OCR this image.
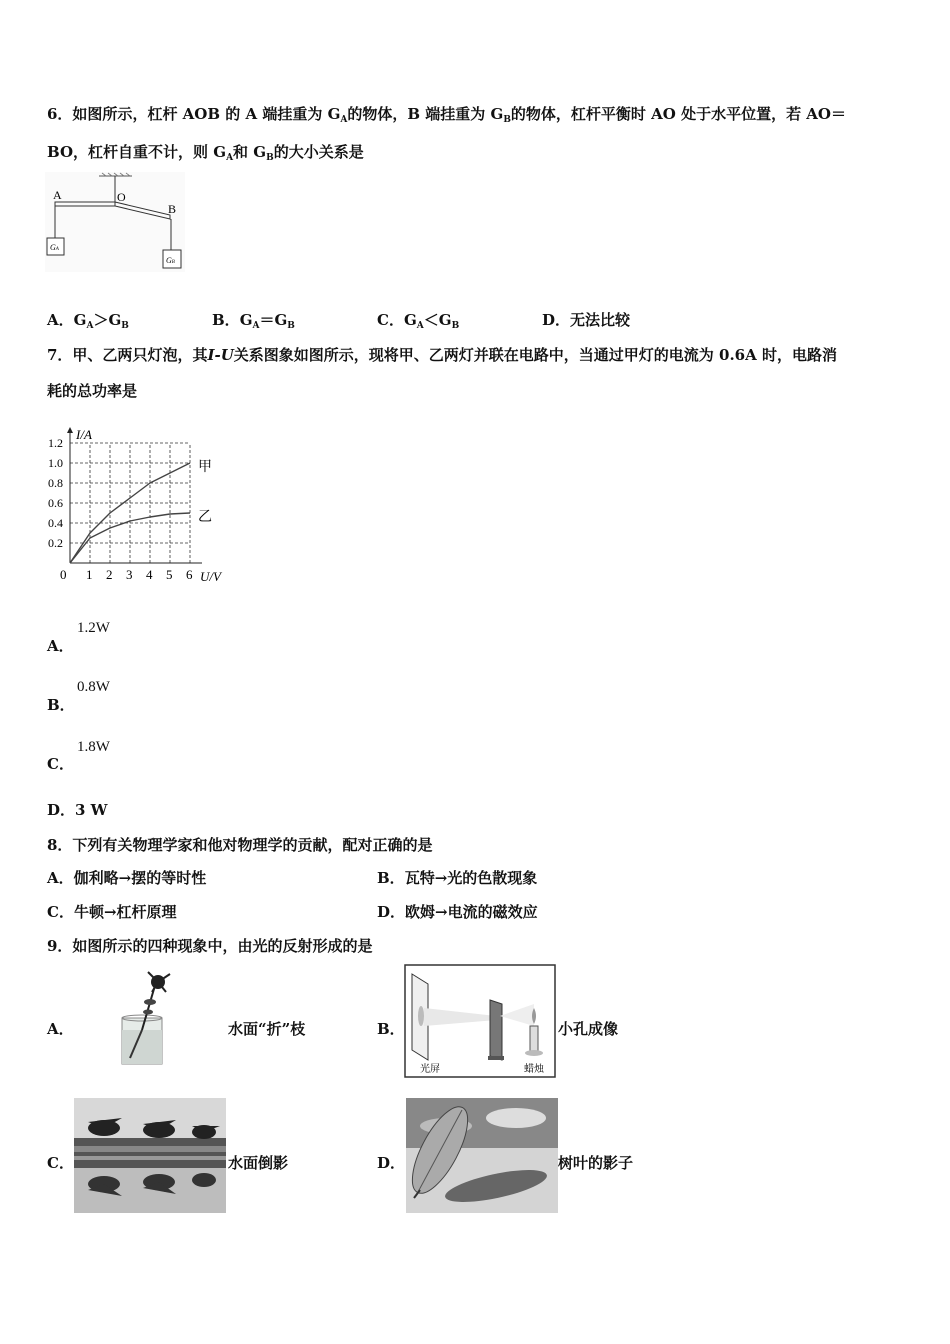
6．如图所示，杠杆 AOB 的 A 端挂重为 $G_A$的物体，B 端挂重为 $G_B$的物体，杠杆平衡时 AO 处于水平位置，若 AO＝
BO，杠杆自重不计，则 $G_A$和 $G_B$的大小关系是
A	O
B
GA
GB
A．$G_A>G_B$	B．$G_A=G_B$	C．$G_A<G_B$	D．无法比较
7．甲、乙两只灯泡，其I-U关系图象如图所示，现将甲、乙两灯并联在电路中，当通过甲灯的电流为 0.6A 时，电路消
耗的总功率是
0 1 2 3 4 5 6
0.2
0.4
0.6
0.8
1.0
1.2
I/A
U/V
甲
乙
A．
1.2W
B．
0.8W
C．
1.8W
D．3 W
8．下列有关物理学家和他对物理学的贡献，配对正确的是
A．伽利略→摆的等时性	B．瓦特→光的色散现象
C．牛顿→杠杆原理	D．欧姆→电流的磁效应
9．如图所示的四种现象中，由光的反射形成的是
A．	水面“折”枝	B．
光屏	蜡烛
小孔成像
C．	水面倒影	D．	树叶的影子
